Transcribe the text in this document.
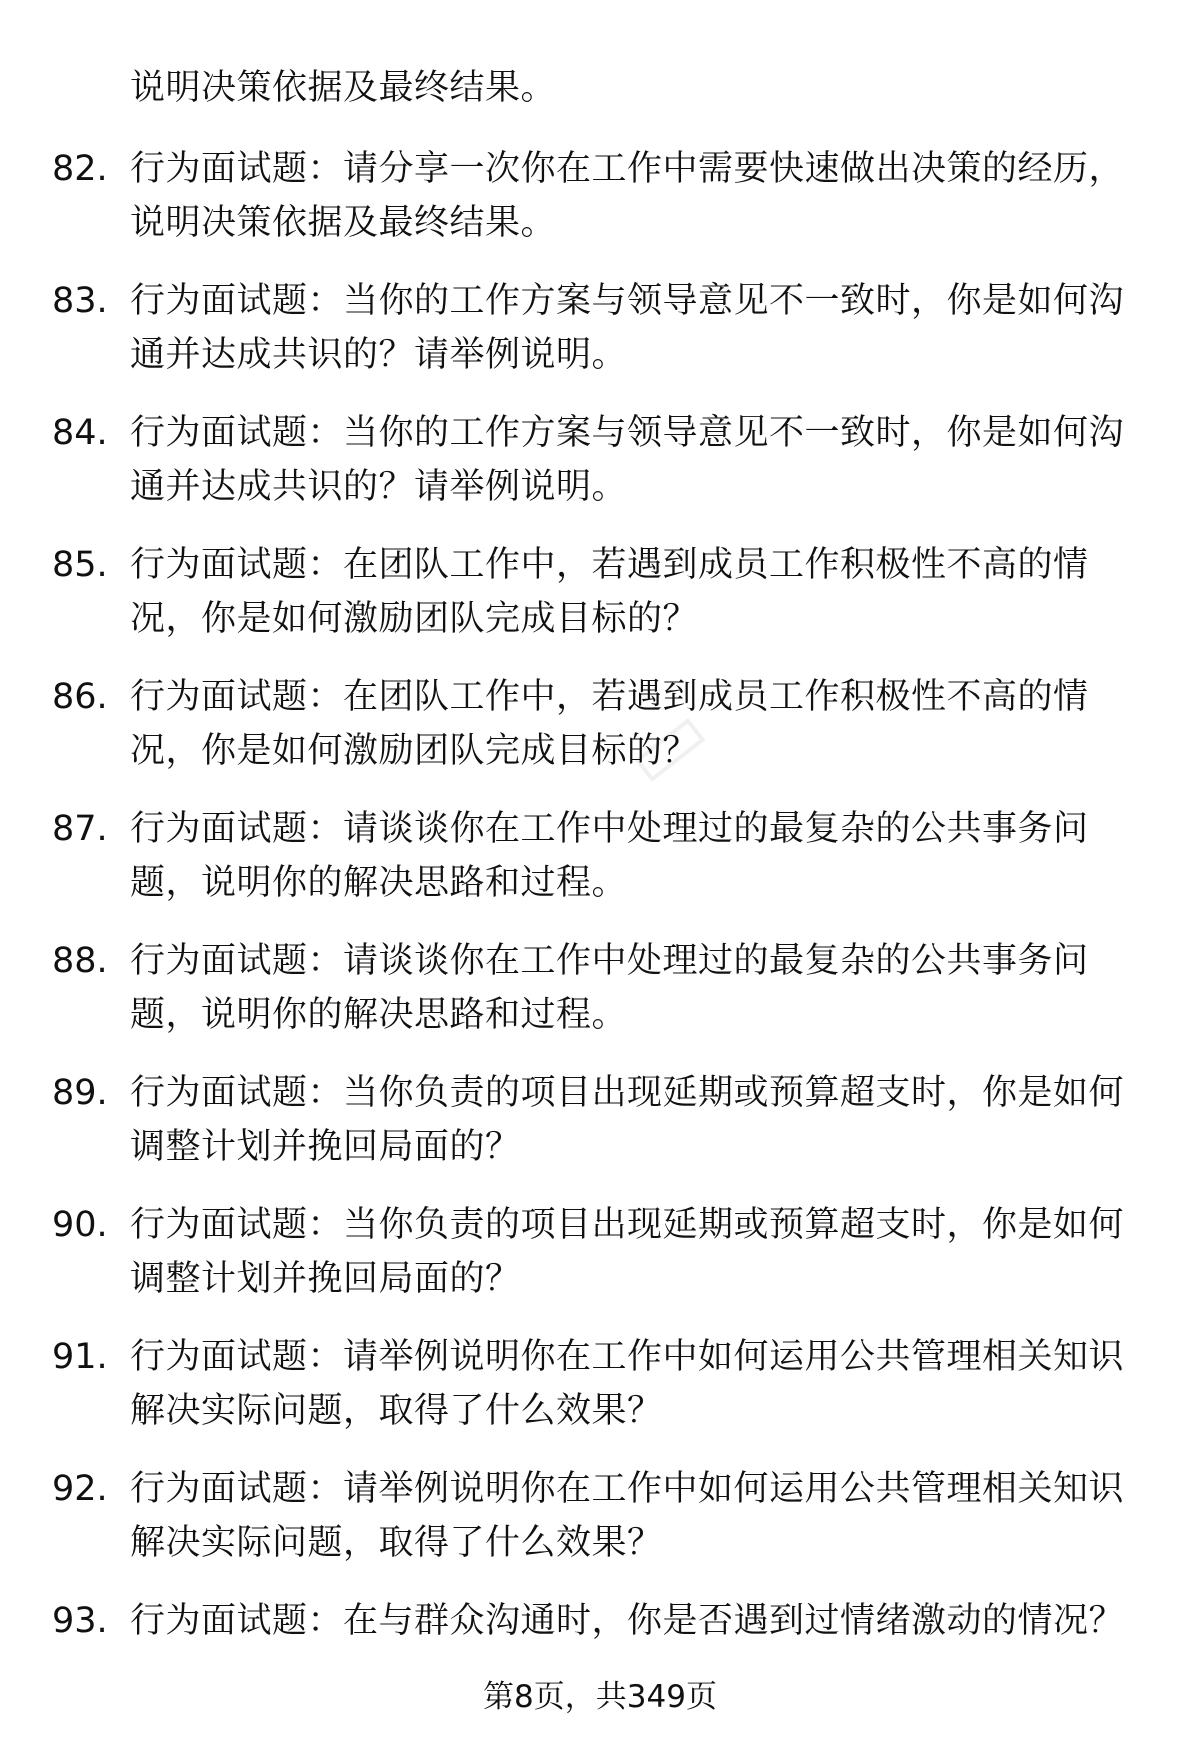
说明决策依据及最终结果。
82. 行为面试题：请分享一次你在工作中需要快速做出决策的经历，
说明决策依据及最终结果。
83. 行为面试题：当你的工作方案与领导意见不一致时，你是如何沟
通并达成共识的？请举例说明。
84. 行为面试题：当你的工作方案与领导意见不一致时，你是如何沟
通并达成共识的？请举例说明。
85. 行为面试题：在团队工作中，若遇到成员工作积极性不高的情
况，你是如何激励团队完成目标的？
86. 行为面试题：在团队工作中，若遇到成员工作积极性不高的情
况，你是如何激励团队完成目标的？
87. 行为面试题：请谈谈你在工作中处理过的最复杂的公共事务问
题，说明你的解决思路和过程。
88. 行为面试题：请谈谈你在工作中处理过的最复杂的公共事务问
题，说明你的解决思路和过程。
89. 行为面试题：当你负责的项目出现延期或预算超支时，你是如何
调整计划并挽回局面的？
90. 行为面试题：当你负责的项目出现延期或预算超支时，你是如何
调整计划并挽回局面的？
91. 行为面试题：请举例说明你在工作中如何运用公共管理相关知识
解决实际问题，取得了什么效果？
92. 行为面试题：请举例说明你在工作中如何运用公共管理相关知识
解决实际问题，取得了什么效果？
93. 行为面试题：在与群众沟通时，你是否遇到过情绪激动的情况？
第8页，共349页
